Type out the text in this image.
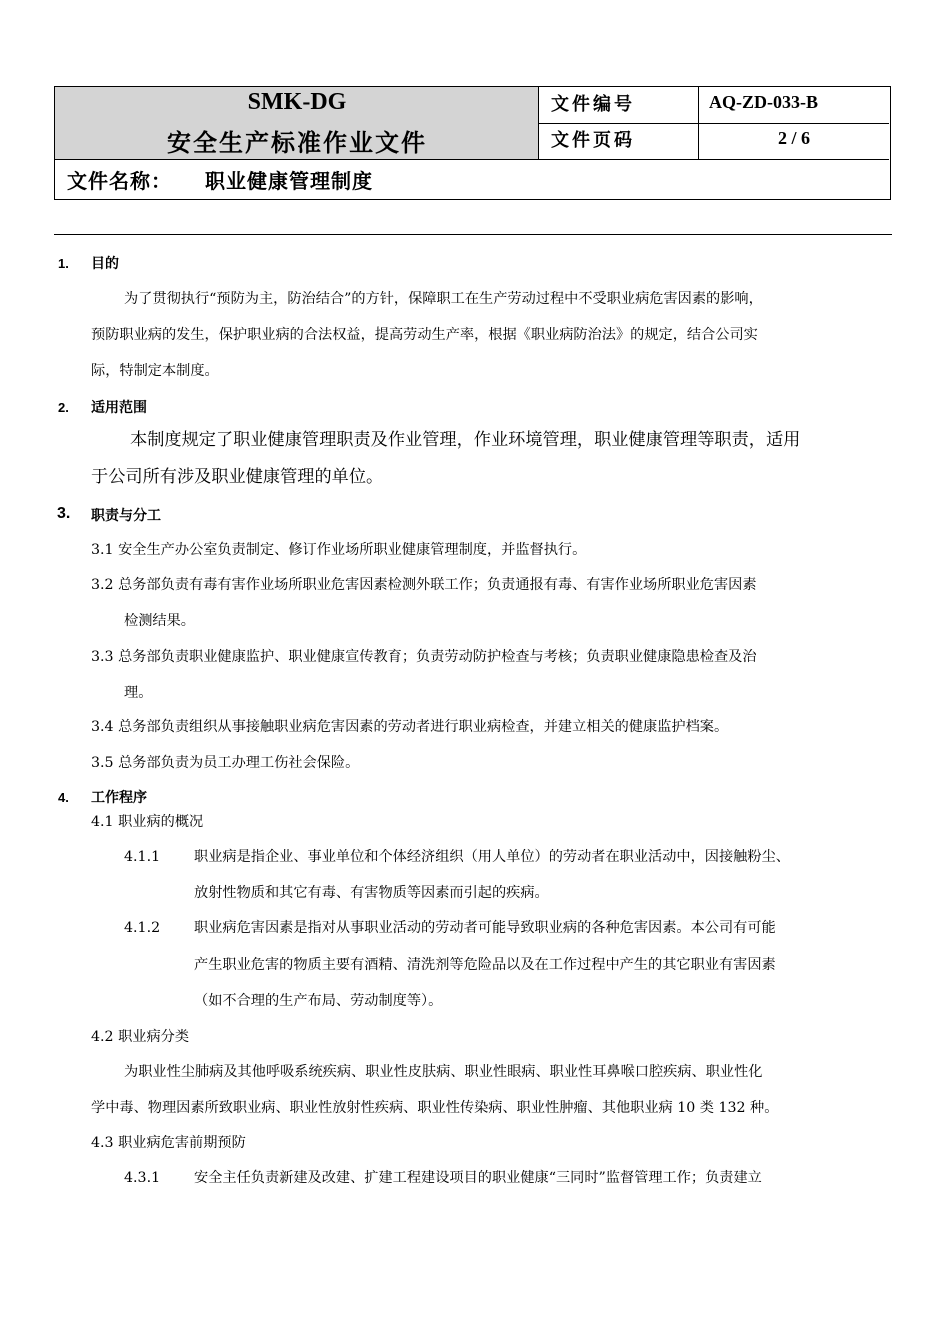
SMK-DG
安全生产标准作业文件
文件编号	AQ-ZD-033-B
文件页码	2 / 6
文件名称： 职业健康管理制度
1. 目的
为了贯彻执行“预防为主，防治结合”的方针，保障职工在生产劳动过程中不受职业病危害因素的影响，
预防职业病的发生，保护职业病的合法权益，提高劳动生产率，根据《职业病防治法》的规定，结合公司实
际，特制定本制度。
2. 适用范围
本制度规定了职业健康管理职责及作业管理，作业环境管理，职业健康管理等职责，适用
于公司所有涉及职业健康管理的单位。
3. 职责与分工
3.1 安全生产办公室负责制定、修订作业场所职业健康管理制度，并监督执行。
3.2 总务部负责有毒有害作业场所职业危害因素检测外联工作；负责通报有毒、有害作业场所职业危害因素
检测结果。
3.3 总务部负责职业健康监护、职业健康宣传教育；负责劳动防护检查与考核；负责职业健康隐患检查及治
理。
3.4 总务部负责组织从事接触职业病危害因素的劳动者进行职业病检查，并建立相关的健康监护档案。
3.5 总务部负责为员工办理工伤社会保险。
4. 工作程序
4.1 职业病的概况
4.1.1 职业病是指企业、事业单位和个体经济组织（用人单位）的劳动者在职业活动中，因接触粉尘、
放射性物质和其它有毒、有害物质等因素而引起的疾病。
4.1.2 职业病危害因素是指对从事职业活动的劳动者可能导致职业病的各种危害因素。本公司有可能
产生职业危害的物质主要有酒精、清洗剂等危险品以及在工作过程中产生的其它职业有害因素
（如不合理的生产布局、劳动制度等）。
4.2 职业病分类
为职业性尘肺病及其他呼吸系统疾病、职业性皮肤病、职业性眼病、职业性耳鼻喉口腔疾病、职业性化
学中毒、物理因素所致职业病、职业性放射性疾病、职业性传染病、职业性肿瘤、其他职业病 10 类 132 种。
4.3 职业病危害前期预防
4.3.1 安全主任负责新建及改建、扩建工程建设项目的职业健康“三同时”监督管理工作；负责建立
